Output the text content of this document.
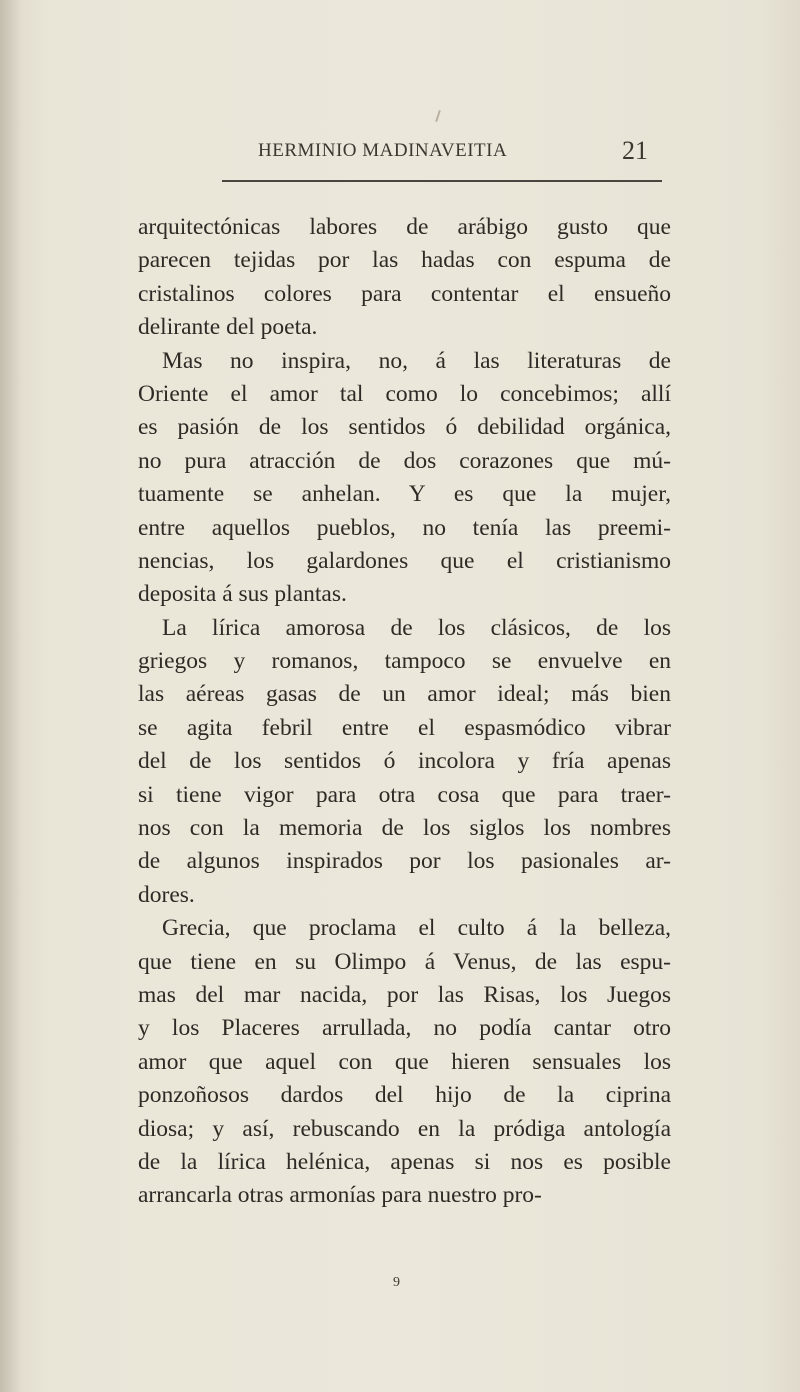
HERMINIO MADINAVEITIA	21
arquitectónicas labores de arábigo gusto que
parecen tejidas por las hadas con espuma de
cristalinos colores para contentar el ensueño
delirante del poeta.
Mas no inspira, no, á las literaturas de
Oriente el amor tal como lo concebimos; allí
es pasión de los sentidos ó debilidad orgánica,
no pura atracción de dos corazones que mú-
tuamente se anhelan. Y es que la mujer,
entre aquellos pueblos, no tenía las preemi-
nencias, los galardones que el cristianismo
deposita á sus plantas.
La lírica amorosa de los clásicos, de los
griegos y romanos, tampoco se envuelve en
las aéreas gasas de un amor ideal; más bien
se agita febril entre el espasmódico vibrar
del de los sentidos ó incolora y fría apenas
si tiene vigor para otra cosa que para traer-
nos con la memoria de los siglos los nombres
de algunos inspirados por los pasionales ar-
dores.
Grecia, que proclama el culto á la belleza,
que tiene en su Olimpo á Venus, de las espu-
mas del mar nacida, por las Risas, los Juegos
y los Placeres arrullada, no podía cantar otro
amor que aquel con que hieren sensuales los
ponzoñosos dardos del hijo de la ciprina
diosa; y así, rebuscando en la pródiga antología
de la lírica helénica, apenas si nos es posible
arrancarla otras armonías para nuestro pro-
9
